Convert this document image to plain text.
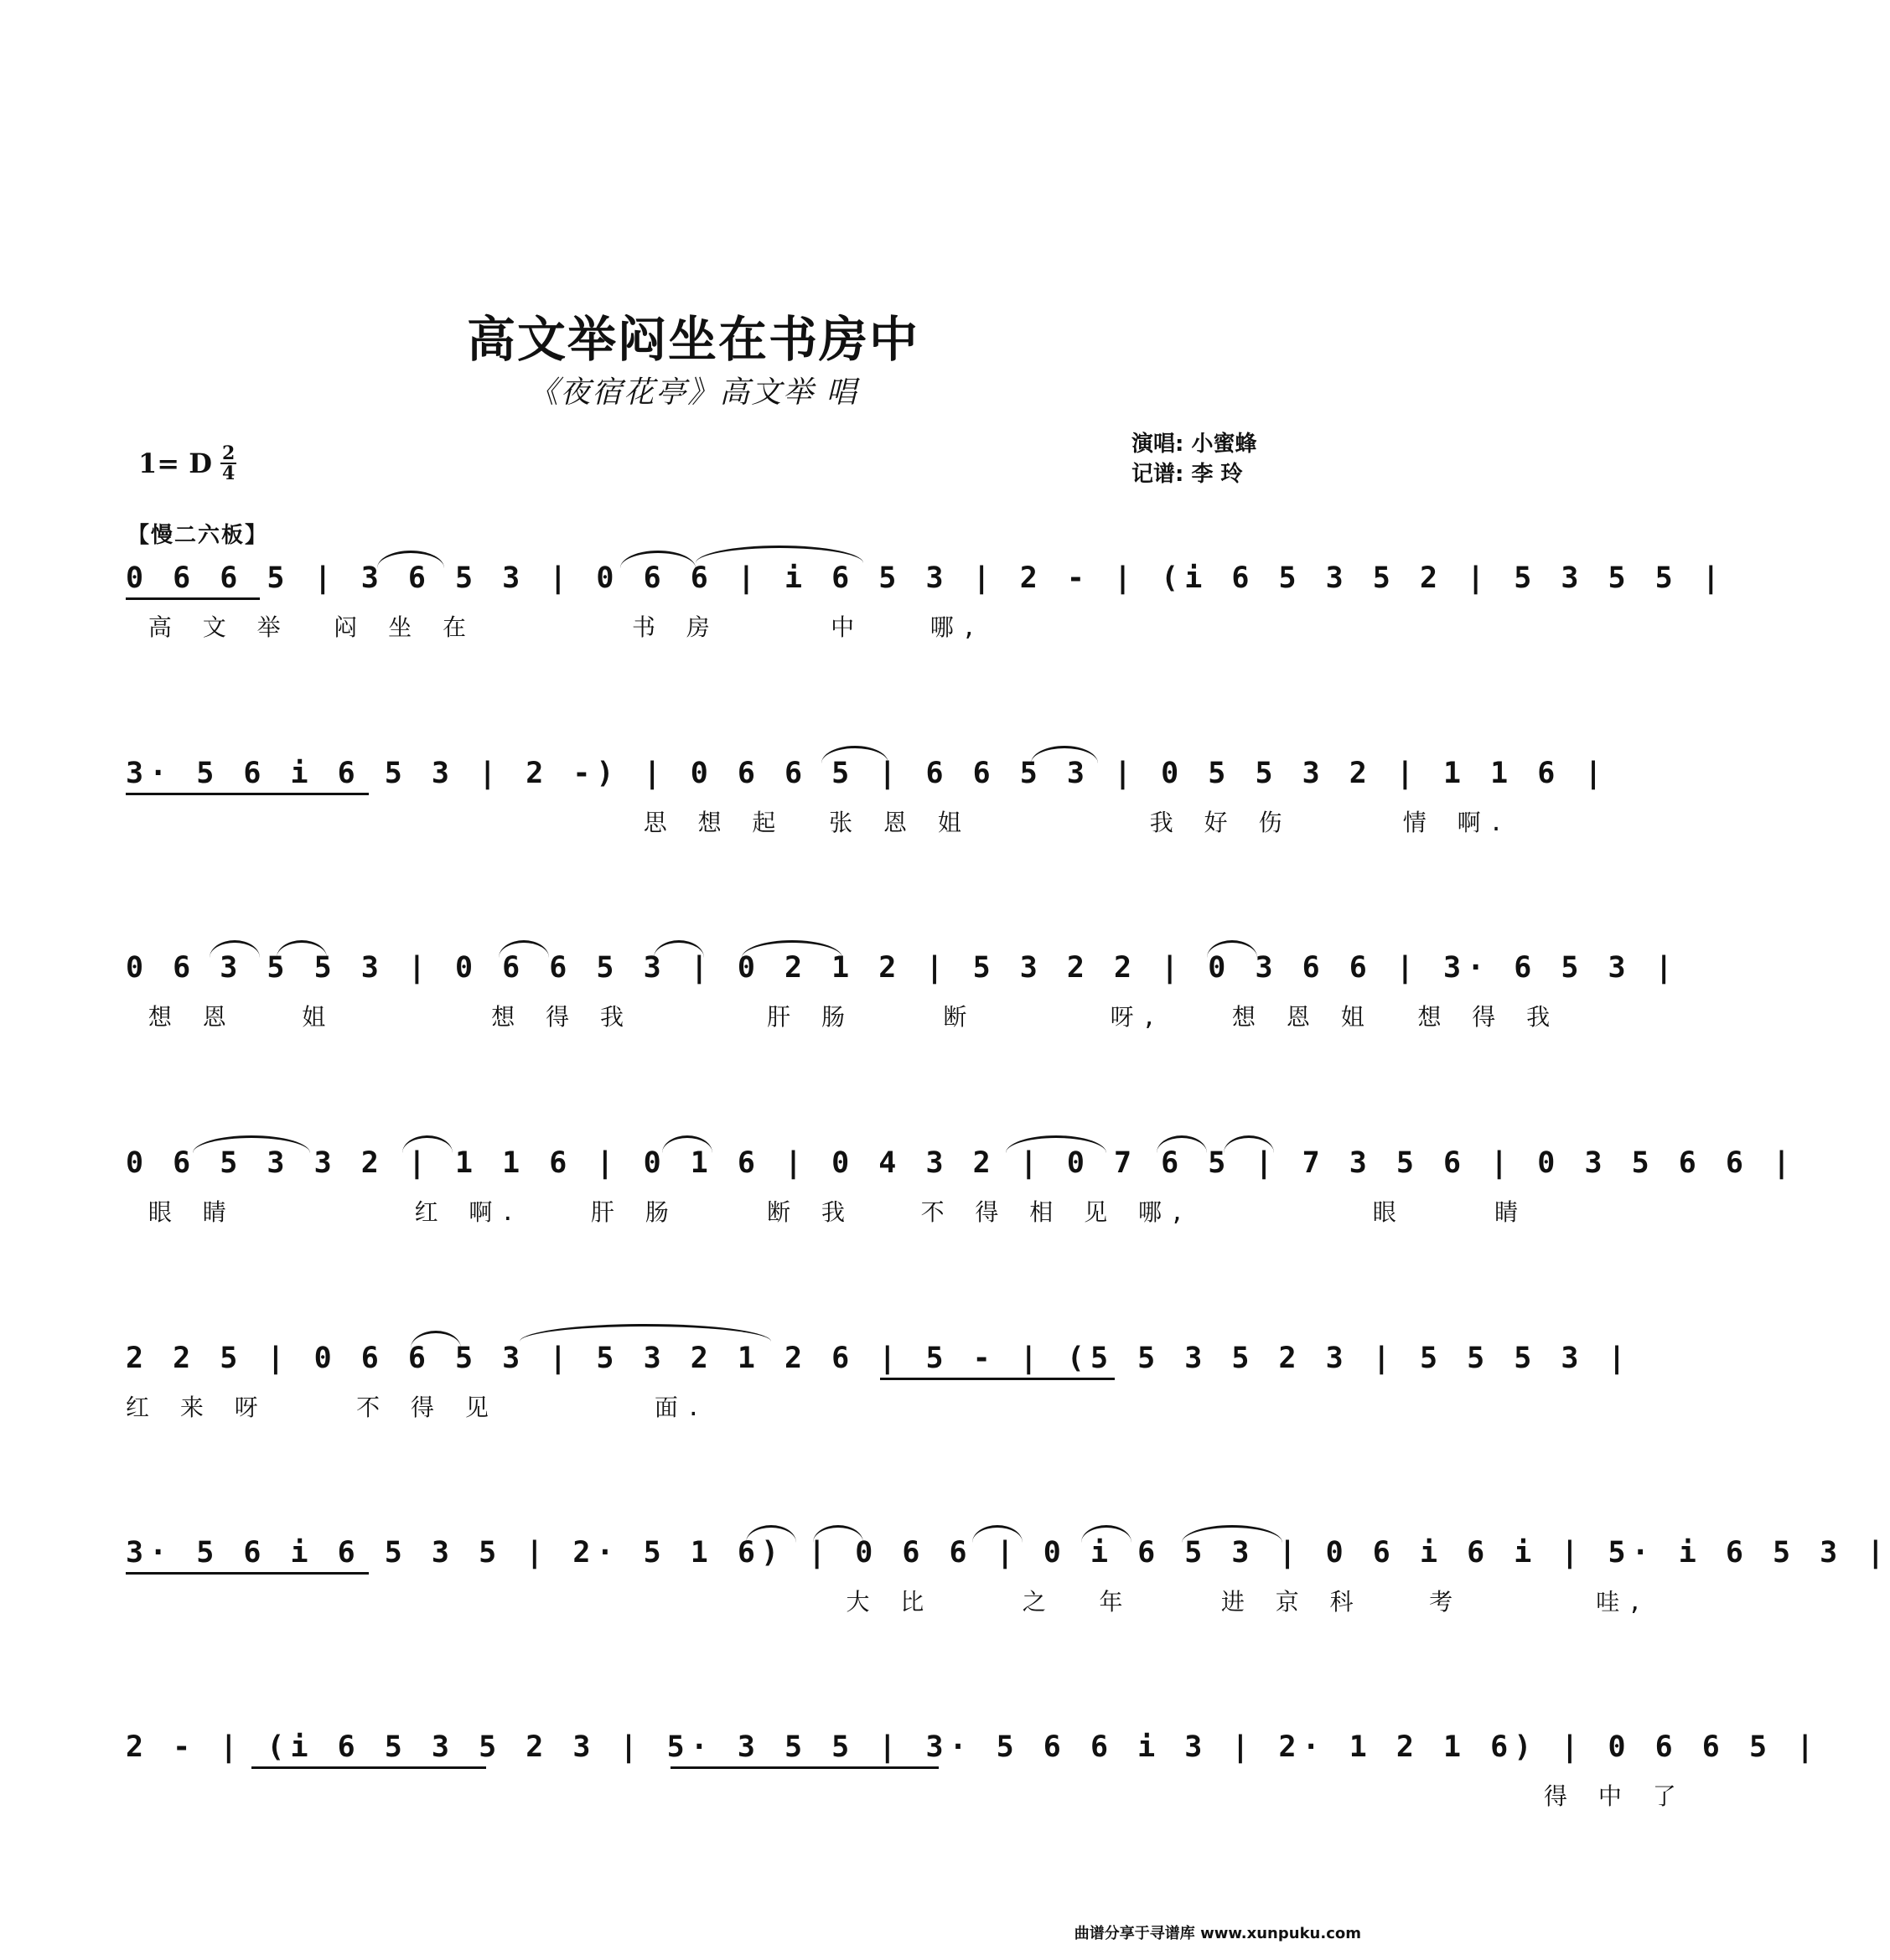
高文举闷坐在书房中
《夜宿花亭》高文举 唱
1= D $\frac{2}{4}$	演唱: 小蜜蜂
记谱: 李 玲
【慢二六板】
0 6 6 5 | 3 6 5 3 | 0 6 6 | i 6 5 3 | 2 - | (i 6 5 3 5 2 | 5 3 5 5 |
高 文 举  闷 坐 在       书 房     中   哪,
3· 5 6 i 6 5 3 | 2 -) | 0 6 6 5 | 6 6 5 3 | 0 5 5 3 2 | 1 1 6 |
思 想 起  张 恩 姐        我 好 伤     情 啊.
0 6 3 5 5 3 | 0 6 6 5 3 | 0 2 1 2 | 5 3 2 2 | 0 3 6 6 | 3· 6 5 3 |
想 恩   姐       想 得 我      肝 肠    断      呀,   想 恩 姐  想 得 我
0 6 5 3 3 2 | 1 1 6 | 0 1 6 | 0 4 3 2 | 0 7 6 5 | 7 3 5 6 | 0 3 5 6 6 |
眼 睛        红 啊.   肝 肠    断 我   不 得 相 见 哪,        眼    睛
2 2 5 | 0 6 6 5 3 | 5 3 2 1 2 6 | 5 - | (5 5 3 5 2 3 | 5 5 5 3 |
红 来 呀    不 得 见       面.
3· 5 6 i 6 5 3 5 | 2· 5 1 6) | 0 6 6 | 0 i 6 5 3 | 0 6 i 6 i | 5· i 6 5 3 |
大 比    之  年    进 京 科   考      哇,
2 - | (i 6 5 3 5 2 3 | 5· 3 5 5 | 3· 5 6 6 i 3 | 2· 1 2 1 6) | 0 6 6 5 |
得 中 了
曲谱分享于寻谱库 www.xunpuku.com
